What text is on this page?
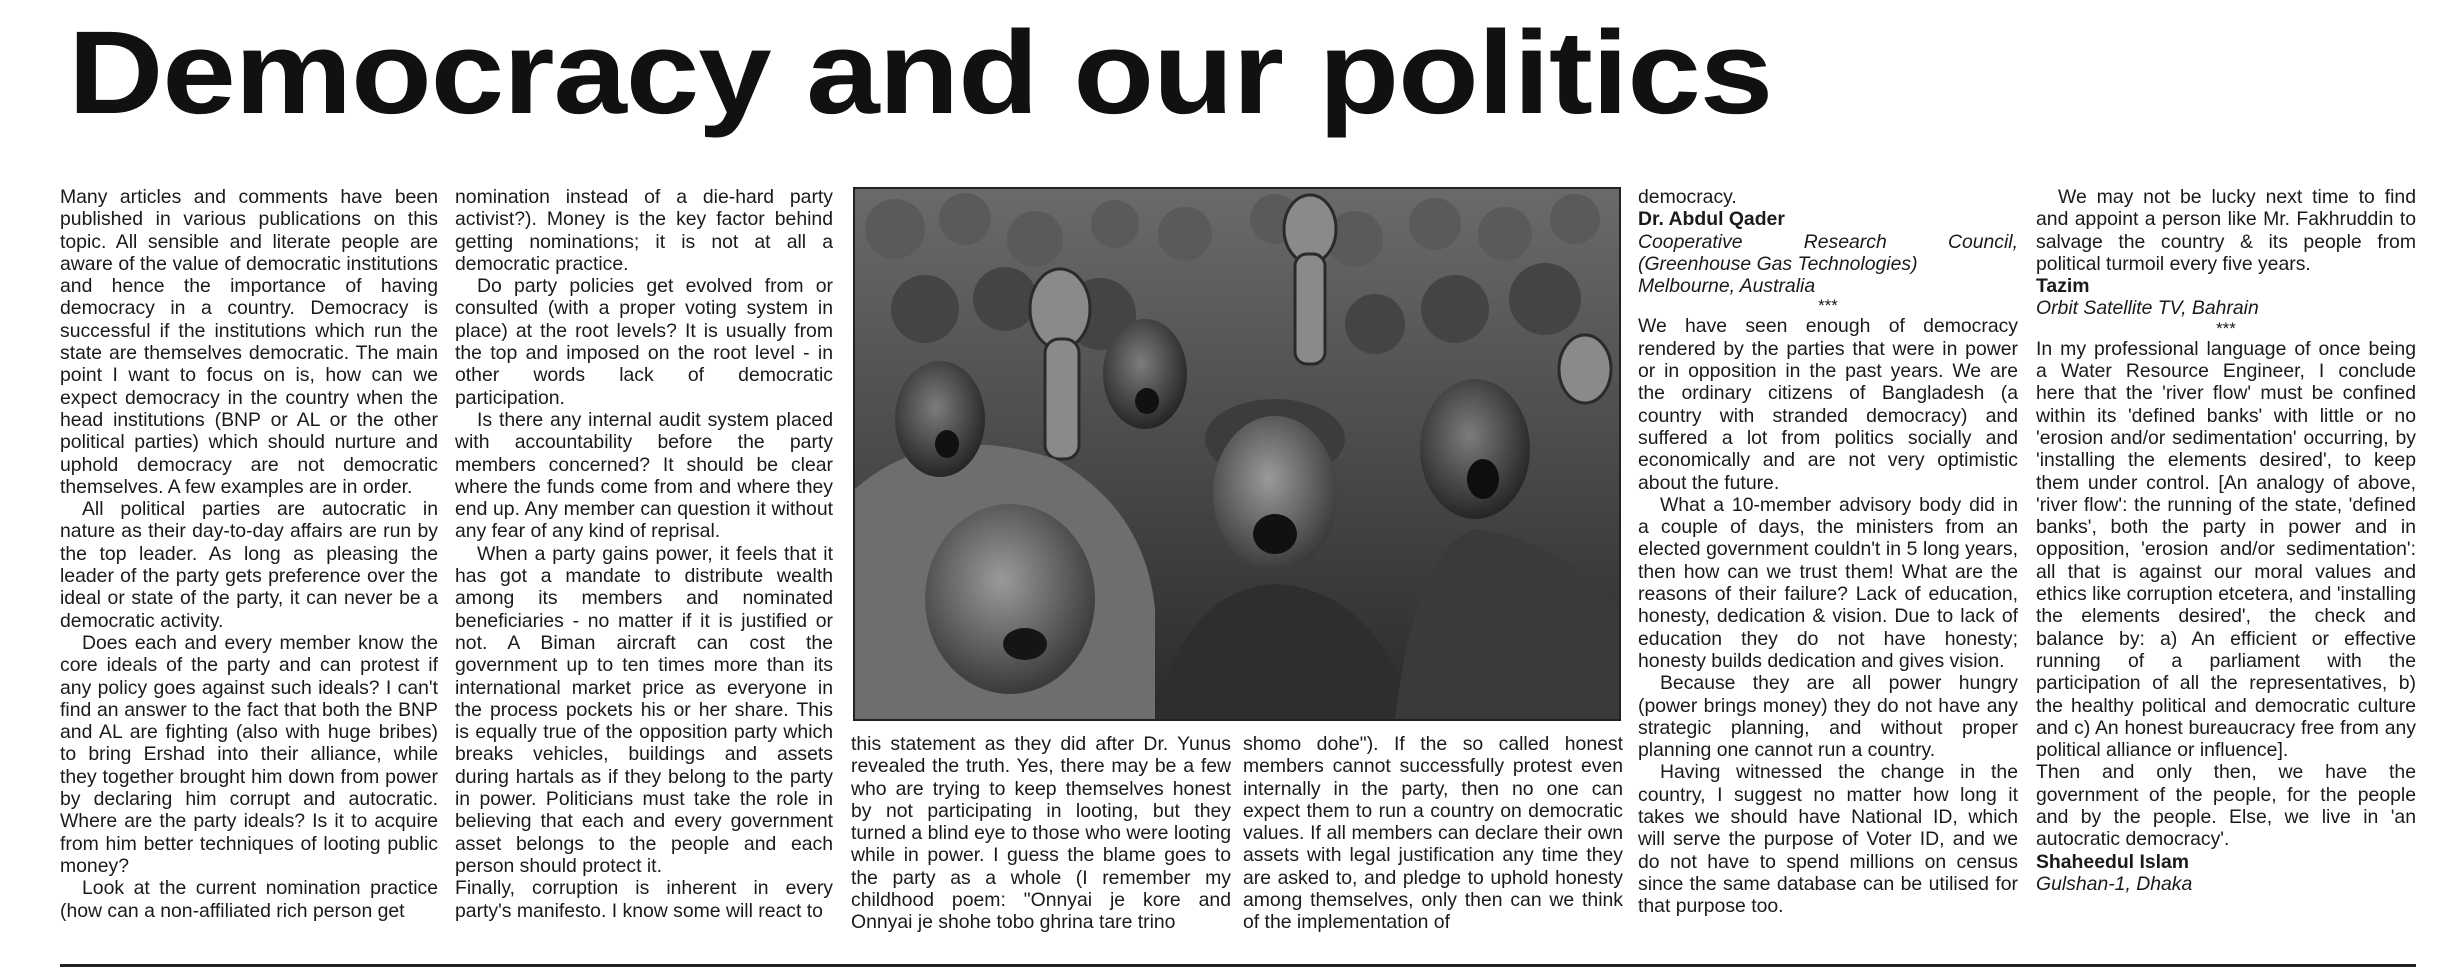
Democracy and our politics

Many articles and comments have been published in various publications on this topic. All sensible and literate people are aware of the value of democratic institutions and hence the importance of having democracy in a country. Democracy is successful if the institutions which run the state are themselves democratic. The main point I want to focus on is, how can we expect democracy in the country when the head institutions (BNP or AL or the other political parties) which should nurture and uphold democracy are not democratic themselves. A few examples are in order.

All political parties are autocratic in nature as their day-to-day affairs are run by the top leader. As long as pleasing the leader of the party gets preference over the ideal or state of the party, it can never be a democratic activity.

Does each and every member know the core ideals of the party and can protest if any policy goes against such ideals? I can't find an answer to the fact that both the BNP and AL are fighting (also with huge bribes) to bring Ershad into their alliance, while they together brought him down from power by declaring him corrupt and autocratic. Where are the party ideals? Is it to acquire from him better techniques of looting public money?

Look at the current nomination practice (how can a non-affiliated rich person get

nomination instead of a die-hard party activist?). Money is the key factor behind getting nominations; it is not at all a democratic practice.

Do party policies get evolved from or consulted (with a proper voting system in place) at the root levels? It is usually from the top and imposed on the root level - in other words lack of democratic participation.

Is there any internal audit system placed with accountability before the party members concerned? It should be clear where the funds come from and where they end up. Any member can question it without any fear of any kind of reprisal.

When a party gains power, it feels that it has got a mandate to distribute wealth among its members and nominated beneficiaries - no matter if it is justified or not. A Biman aircraft can cost the government up to ten times more than its international market price as everyone in the process pockets his or her share. This is equally true of the opposition party which breaks vehicles, buildings and assets during hartals as if they belong to the party in power. Politicians must take the role in believing that each and every government asset belongs to the people and each person should protect it.

Finally, corruption is inherent in every party's manifesto. I know some will react to

this statement as they did after Dr. Yunus revealed the truth. Yes, there may be a few who are trying to keep themselves honest by not participating in looting, but they turned a blind eye to those who were looting while in power. I guess the blame goes to the party as a whole (I remember my childhood poem: "Onnyai je kore and Onnyai je shohe tobo ghrina tare trino

shomo dohe"). If the so called honest members cannot successfully protest even internally in the party, then no one can expect them to run a country on democratic values. If all members can declare their own assets with legal justification any time they are asked to, and pledge to uphold honesty among themselves, only then can we think of the implementation of

democracy.

Dr. Abdul Qader

Cooperative Research Council, (Greenhouse Gas Technologies)

Melbourne, Australia

***

We have seen enough of democracy rendered by the parties that were in power or in opposition in the past years. We are the ordinary citizens of Bangladesh (a country with stranded democracy) and suffered a lot from politics socially and economically and are not very optimistic about the future.

What a 10-member advisory body did in a couple of days, the ministers from an elected government couldn't in 5 long years, then how can we trust them! What are the reasons of their failure? Lack of education, honesty, dedication & vision. Due to lack of education they do not have honesty; honesty builds dedication and gives vision.

Because they are all power hungry (power brings money) they do not have any strategic planning, and without proper planning one cannot run a country.

Having witnessed the change in the country, I suggest no matter how long it takes we should have National ID, which will serve the purpose of Voter ID, and we do not have to spend millions on census since the same database can be utilised for that purpose too.

We may not be lucky next time to find and appoint a person like Mr. Fakhruddin to salvage the country & its people from political turmoil every five years.

Tazim

Orbit Satellite TV, Bahrain

***

In my professional language of once being a Water Resource Engineer, I conclude here that the 'river flow' must be confined within its 'defined banks' with little or no 'erosion and/or sedimentation' occurring, by 'installing the elements desired', to keep them under control. [An analogy of above, 'river flow': the running of the state, 'defined banks', both the party in power and in opposition, 'erosion and/or sedimentation': all that is against our moral values and ethics like corruption etcetera, and 'installing the elements desired', the check and balance by: a) An efficient or effective running of a parliament with the participation of all the representatives, b) the healthy political and democratic culture and c) An honest bureaucracy free from any political alliance or influence].

Then and only then, we have the government of the people, for the people and by the people. Else, we live in 'an autocratic democracy'.

Shaheedul Islam

Gulshan-1, Dhaka
